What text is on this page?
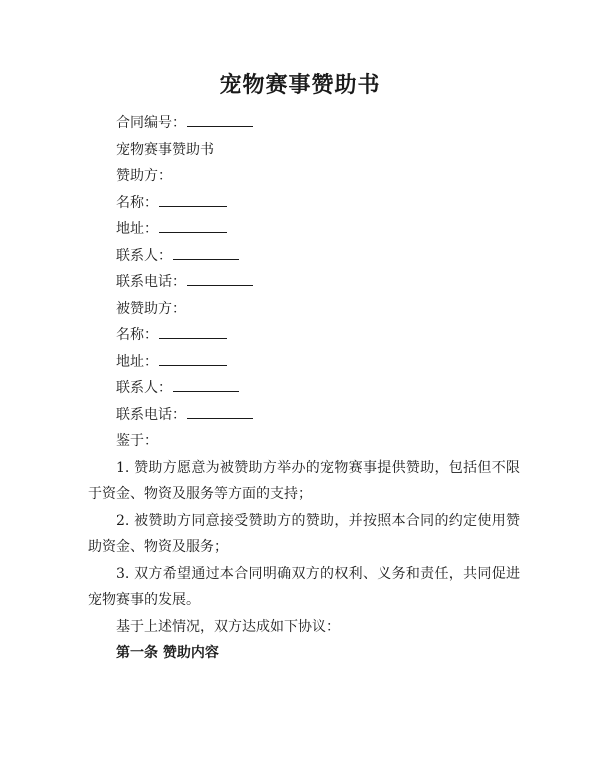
宠物赛事赞助书
合同编号：
宠物赛事赞助书
赞助方：
名称：
地址：
联系人：
联系电话：
被赞助方：
名称：
地址：
联系人：
联系电话：
鉴于：
1. 赞助方愿意为被赞助方举办的宠物赛事提供赞助，包括但不限于资金、物资及服务等方面的支持；
2. 被赞助方同意接受赞助方的赞助，并按照本合同的约定使用赞助资金、物资及服务；
3. 双方希望通过本合同明确双方的权利、义务和责任，共同促进宠物赛事的发展。
基于上述情况，双方达成如下协议：
第一条 赞助内容
